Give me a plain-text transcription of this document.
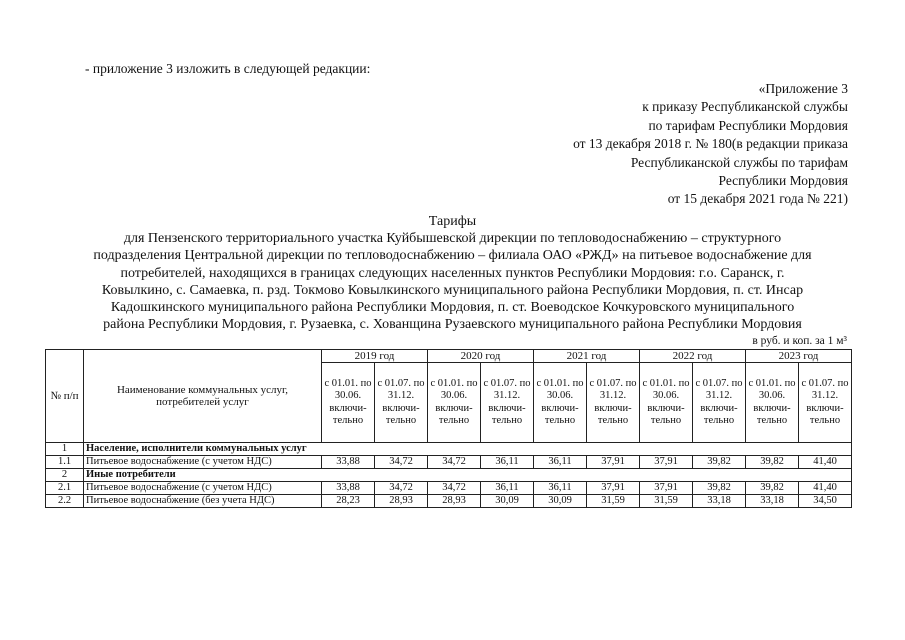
- приложение 3 изложить в следующей редакции:
«Приложение 3
к приказу Республиканской службы
по тарифам Республики Мордовия
от 13 декабря 2018 г. № 180(в редакции приказа
Республиканской службы по тарифам
Республики Мордовия
от 15 декабря 2021 года № 221)
Тарифы
для Пензенского территориального участка Куйбышевской дирекции по тепловодоснабжению – структурного
подразделения Центральной дирекции по тепловодоснабжению – филиала ОАО «РЖД» на питьевое водоснабжение для
потребителей, находящихся в границах следующих населенных пунктов Республики Мордовия: г.о. Саранск, г.
Ковылкино, с. Самаевка, п. рзд. Токмово Ковылкинского муниципального района Республики Мордовия, п. ст. Инсар
Кадошкинского муниципального района Республики Мордовия, п. ст. Воеводское Кочкуровского муниципального
района Республики Мордовия, г. Рузаевка, с. Хованщина Рузаевского муниципального района Республики Мордовия
в руб. и коп. за 1 м³
№ п/п	Наименование коммунальных услуг, потребителей услуг	2019 год		2020 год		2021 год		2022 год		2023 год	
		с 01.01. по 30.06. включи-тельно	с 01.07. по 31.12. включи-тельно	с 01.01. по 30.06. включи-тельно	с 01.07. по 31.12. включи-тельно	с 01.01. по 30.06. включи-тельно	с 01.07. по 31.12. включи-тельно	с 01.01. по 30.06. включи-тельно	с 01.07. по 31.12. включи-тельно	с 01.01. по 30.06. включи-тельно	с 01.07. по 31.12. включи-тельно
1	Население, исполнители коммунальных услуг										
1.1	Питьевое водоснабжение (с учетом НДС)	33,88	34,72	34,72	36,11	36,11	37,91	37,91	39,82	39,82	41,40
2	Иные потребители										
2.1	Питьевое водоснабжение (с учетом НДС)	33,88	34,72	34,72	36,11	36,11	37,91	37,91	39,82	39,82	41,40
2.2	Питьевое водоснабжение (без учета НДС)	28,23	28,93	28,93	30,09	30,09	31,59	31,59	33,18	33,18	34,50
